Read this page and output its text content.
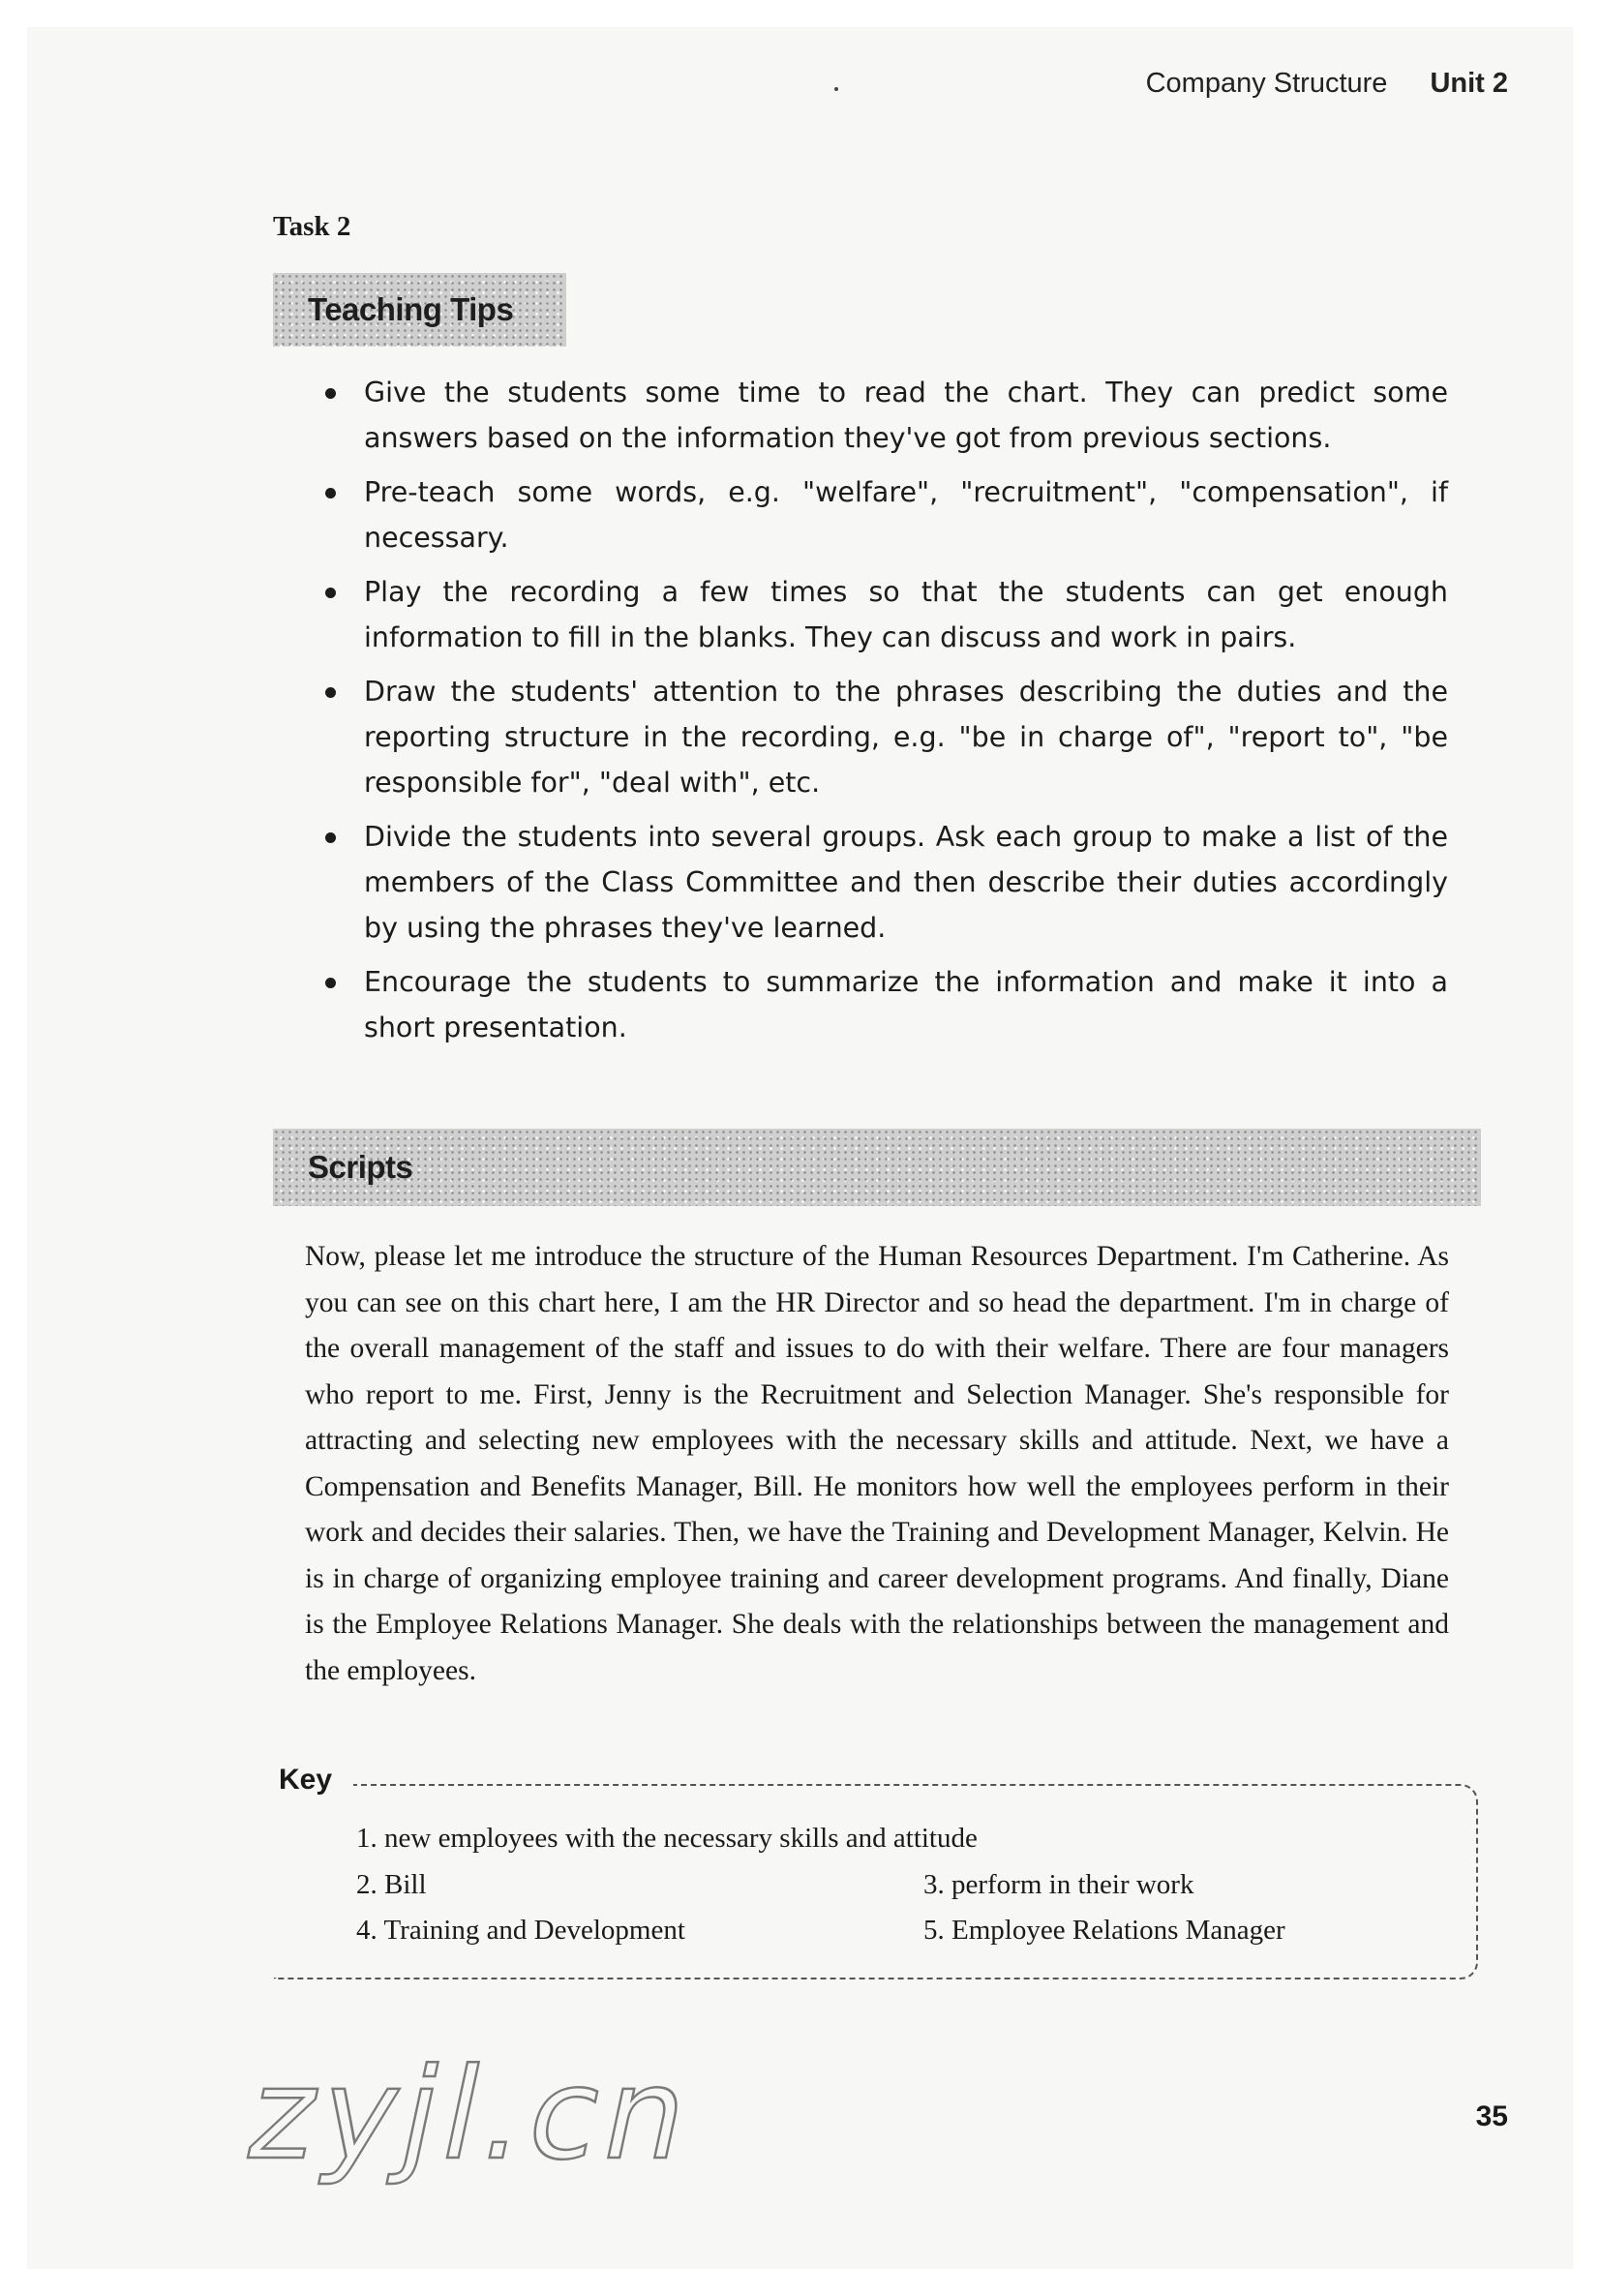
Company Structure Unit 2
Task 2
Teaching Tips
Give the students some time to read the chart. They can predict some answers based on the information they've got from previous sections.
Pre-teach some words, e.g. "welfare", "recruitment", "compensation", if necessary.
Play the recording a few times so that the students can get enough information to fill in the blanks. They can discuss and work in pairs.
Draw the students' attention to the phrases describing the duties and the reporting structure in the recording, e.g. "be in charge of", "report to", "be responsible for", "deal with", etc.
Divide the students into several groups. Ask each group to make a list of the members of the Class Committee and then describe their duties accordingly by using the phrases they've learned.
Encourage the students to summarize the information and make it into a short presentation.
Scripts
Now, please let me introduce the structure of the Human Resources Department. I'm Catherine. As you can see on this chart here, I am the HR Director and so head the department. I'm in charge of the overall management of the staff and issues to do with their welfare. There are four managers who report to me. First, Jenny is the Recruitment and Selection Manager. She's responsible for attracting and selecting new employees with the necessary skills and attitude. Next, we have a Compensation and Benefits Manager, Bill. He monitors how well the employees perform in their work and decides their salaries. Then, we have the Training and Development Manager, Kelvin. He is in charge of organizing employee training and career development programs. And finally, Diane is the Employee Relations Manager. She deals with the relationships between the management and the employees.
Key
1. new employees with the necessary skills and attitude
2. Bill	3. perform in their work
4. Training and Development	5. Employee Relations Manager
zyjl.cn	35
